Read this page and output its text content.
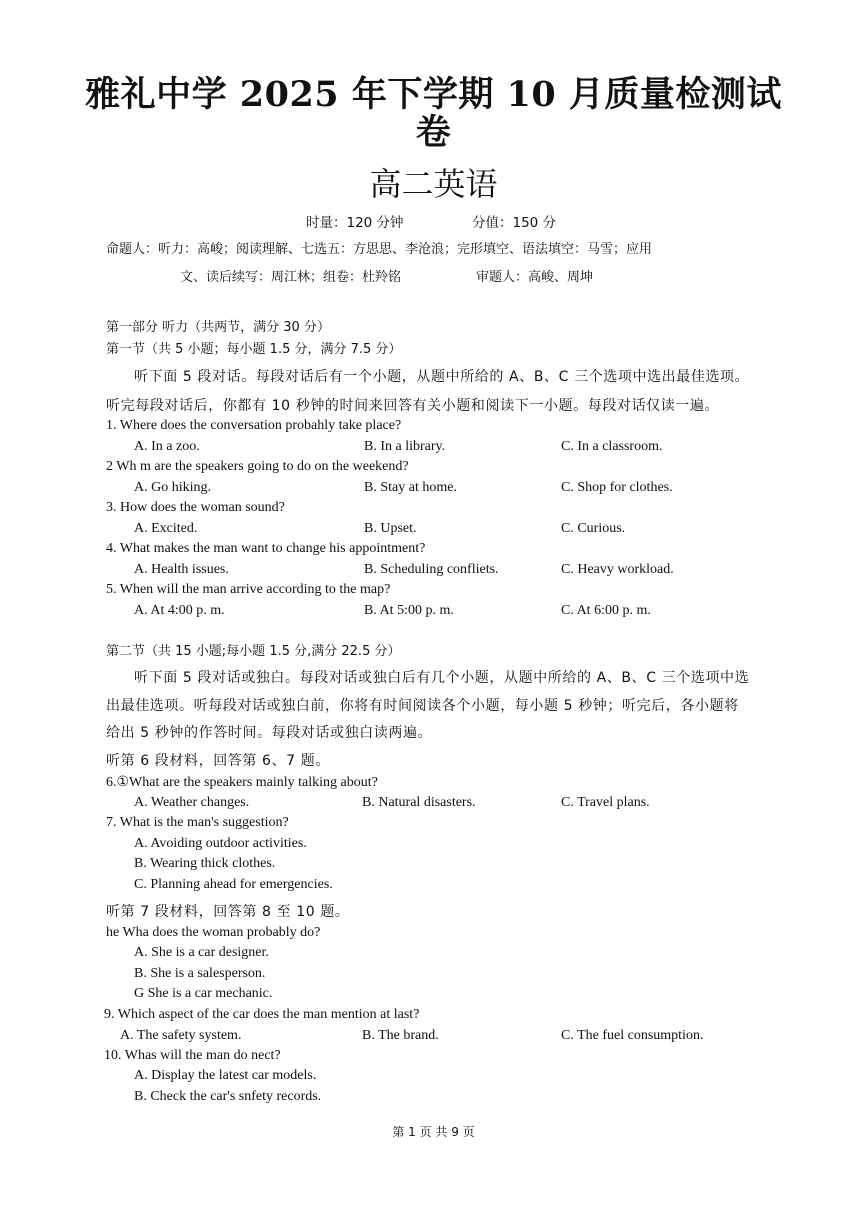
雅礼中学 2025 年下学期 10 月质量检测试
卷
高二英语
时量：120 分钟	分值：150 分
命题人：听力：高峻；阅读理解、七选五：方思思、李沧浪；完形填空、语法填空：马雪；应用
文、读后续写：周江林；组卷：杜羚铭	审题人：高峻、周坤
第一部分 听力（共两节，满分 30 分）
第一节（共 5 小题；每小题 1.5 分，满分 7.5 分）
听下面 5 段对话。每段对话后有一个小题，从题中所给的 A、B、C 三个选项中选出最佳选项。
听完每段对话后，你都有 10 秒钟的时间来回答有关小题和阅读下一小题。每段对话仅读一遍。
1. Where does the conversation probahly take place?
A. In a zoo.	B. In a library.	C. In a classroom.
2 Wh m are the speakers going to do on the weekend?
A. Go hiking.	B. Stay at home.	C. Shop for clothes.
3. How does the woman sound?
A. Excited.	B. Upset.	C. Curious.
4. What makes the man want to change his appointment?
A. Health issues.	B. Scheduling confliets.	C. Heavy workload.
5. When will the man arrive according to the map?
A. At 4:00 p. m.	B. At 5:00 p. m.	C. At 6:00 p. m.
第二节（共 15 小题;每小题 1.5 分,满分 22.5 分）
听下面 5 段对话或独白。每段对话或独白后有几个小题，从题中所给的 A、B、C 三个选项中选
出最佳选项。听每段对话或独白前，你将有时间阅读各个小题，每小题 5 秒钟；听完后，各小题将
给出 5 秒钟的作答时间。每段对话或独白读两遍。
听第 6 段材料，回答第 6、7 题。
6.①What are the speakers mainly talking about?
A. Weather changes.	B. Natural disasters.	C. Travel plans.
7. What is the man's suggestion?
A. Avoiding outdoor activities.
B. Wearing thick clothes.
C. Planning ahead for emergencies.
听第 7 段材料，回答第 8 至 10 题。
he Wha does the woman probably do?
A. She is a car designer.
B. She is a salesperson.
G She is a car mechanic.
9. Which aspect of the car does the man mention at last?
A. The safety system.	B. The brand.	C. The fuel consumption.
10. Whas will the man do nect?
A. Display the latest car models.
B. Check the car's snfety records.
第 1 页 共 9 页
